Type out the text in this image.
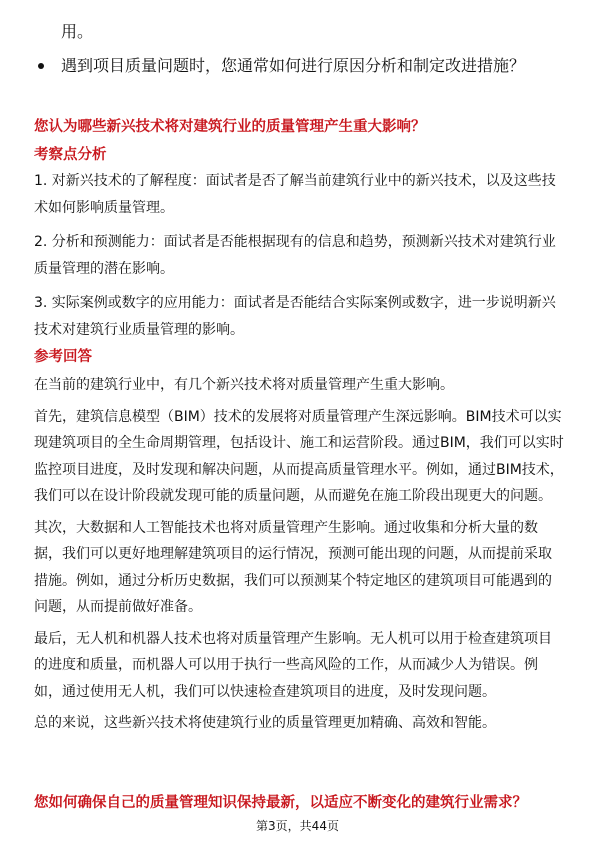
用。
遇到项目质量问题时，您通常如何进行原因分析和制定改进措施？
您认为哪些新兴技术将对建筑行业的质量管理产生重大影响？
考察点分析

1. 对新兴技术的了解程度：面试者是否了解当前建筑行业中的新兴技术，以及这些技术如何影响质量管理。

2. 分析和预测能力：面试者是否能根据现有的信息和趋势，预测新兴技术对建筑行业质量管理的潜在影响。

3. 实际案例或数字的应用能力：面试者是否能结合实际案例或数字，进一步说明新兴技术对建筑行业质量管理的影响。

参考回答

在当前的建筑行业中，有几个新兴技术将对质量管理产生重大影响。

首先，建筑信息模型（BIM）技术的发展将对质量管理产生深远影响。BIM技术可以实现建筑项目的全生命周期管理，包括设计、施工和运营阶段。通过BIM，我们可以实时监控项目进度，及时发现和解决问题，从而提高质量管理水平。例如，通过BIM技术，我们可以在设计阶段就发现可能的质量问题，从而避免在施工阶段出现更大的问题。

其次，大数据和人工智能技术也将对质量管理产生影响。通过收集和分析大量的数据，我们可以更好地理解建筑项目的运行情况，预测可能出现的问题，从而提前采取措施。例如，通过分析历史数据，我们可以预测某个特定地区的建筑项目可能遇到的问题，从而提前做好准备。

最后，无人机和机器人技术也将对质量管理产生影响。无人机可以用于检查建筑项目的进度和质量，而机器人可以用于执行一些高风险的工作，从而减少人为错误。例如，通过使用无人机，我们可以快速检查建筑项目的进度，及时发现问题。

总的来说，这些新兴技术将使建筑行业的质量管理更加精确、高效和智能。

您如何确保自己的质量管理知识保持最新，以适应不断变化的建筑行业需求？
第3页，共44页
